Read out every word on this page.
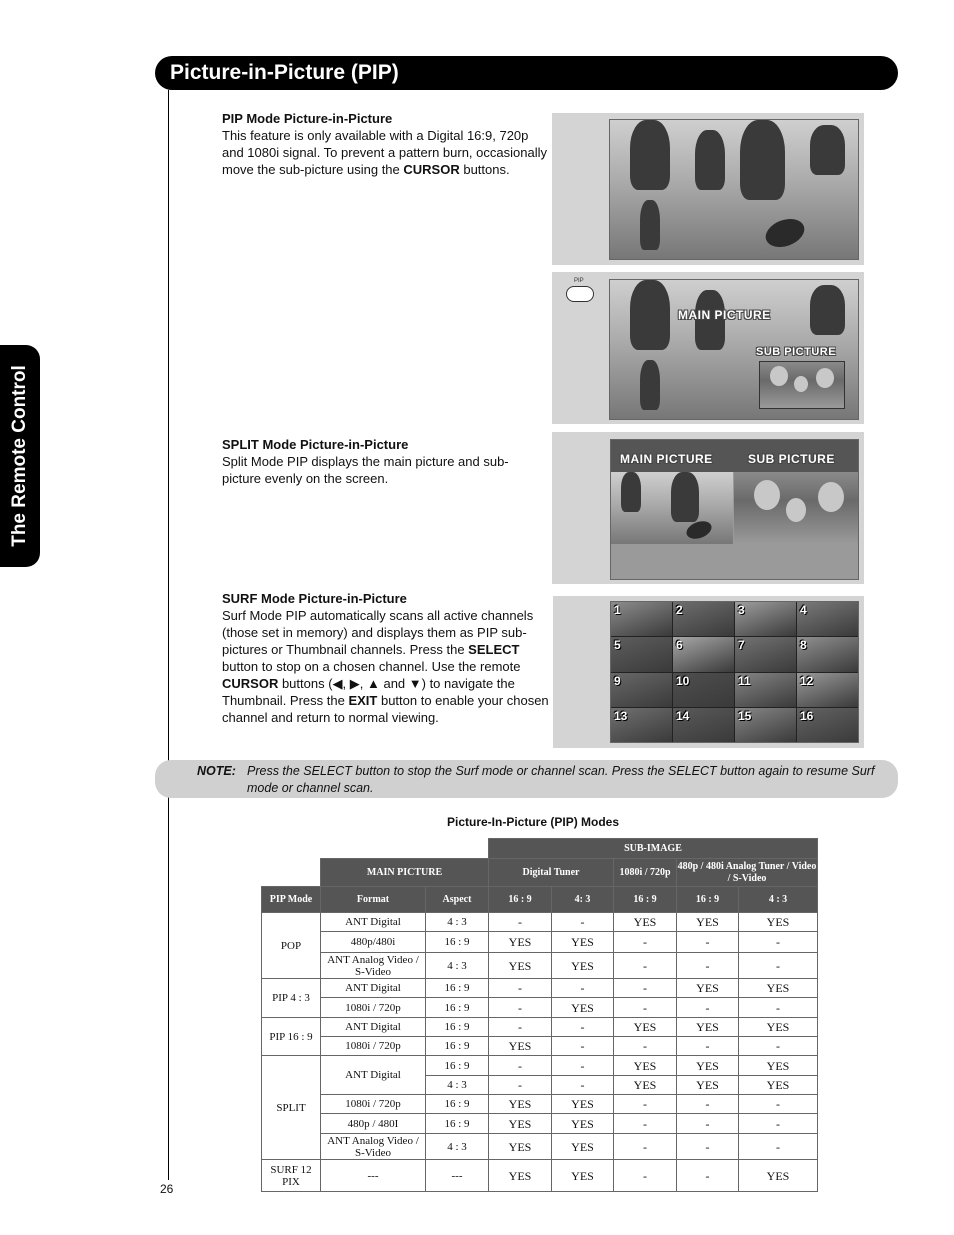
Picture-in-Picture (PIP)
The Remote Control
PIP Mode Picture-in-Picture
This feature is only available with a Digital 16:9, 720p and 1080i signal. To prevent a pattern burn, occasionally move the sub-picture using the CURSOR buttons.
PIP
MAIN PICTURE
SUB PICTURE
SPLIT Mode Picture-in-Picture
Split Mode PIP displays the main picture and sub-picture evenly on the screen.
MAIN PICTURE	SUB PICTURE
SURF Mode Picture-in-Picture
Surf Mode PIP automatically scans all active channels (those set in memory) and displays them as PIP sub-pictures or Thumbnail channels. Press the SELECT button to stop on a chosen channel. Use the remote CURSOR buttons (◀, ▶, ▲ and ▼) to navigate the Thumbnail. Press the EXIT button to enable your chosen channel and return to normal viewing.
1	2	3	4
5	6	7	8
9	10	11	12
13	14	15	16
NOTE: Press the SELECT button to stop the Surf mode or channel scan. Press the SELECT button again to resume Surf mode or channel scan.
Picture-In-Picture (PIP) Modes
			SUB-IMAGE				
	MAIN PICTURE		Digital Tuner		1080i / 720p	480p / 480i Analog Tuner / Video / S-Video	
PIP Mode	Format	Aspect	16 : 9	4: 3	16 : 9	16 : 9	4 : 3
POP	ANT Digital	4 : 3	-	-	YES	YES	YES
	480p/480i	16 : 9	YES	YES	-	-	-
	ANT Analog Video / S-Video	4 : 3	YES	YES	-	-	-
PIP 4 : 3	ANT Digital	16 : 9	-	-	-	YES	YES
	1080i / 720p	16 : 9	-	YES	-	-	-
PIP 16 : 9	ANT Digital	16 : 9	-	-	YES	YES	YES
	1080i / 720p	16 : 9	YES	-	-	-	-
SPLIT	ANT Digital	16 : 9	-	-	YES	YES	YES
		4 : 3	-	-	YES	YES	YES
	1080i / 720p	16 : 9	YES	YES	-	-	-
	480p / 480I	16 : 9	YES	YES	-	-	-
	ANT Analog Video / S-Video	4 : 3	YES	YES	-	-	-
SURF 12 PIX	---	---	YES	YES	-	-	YES
26
